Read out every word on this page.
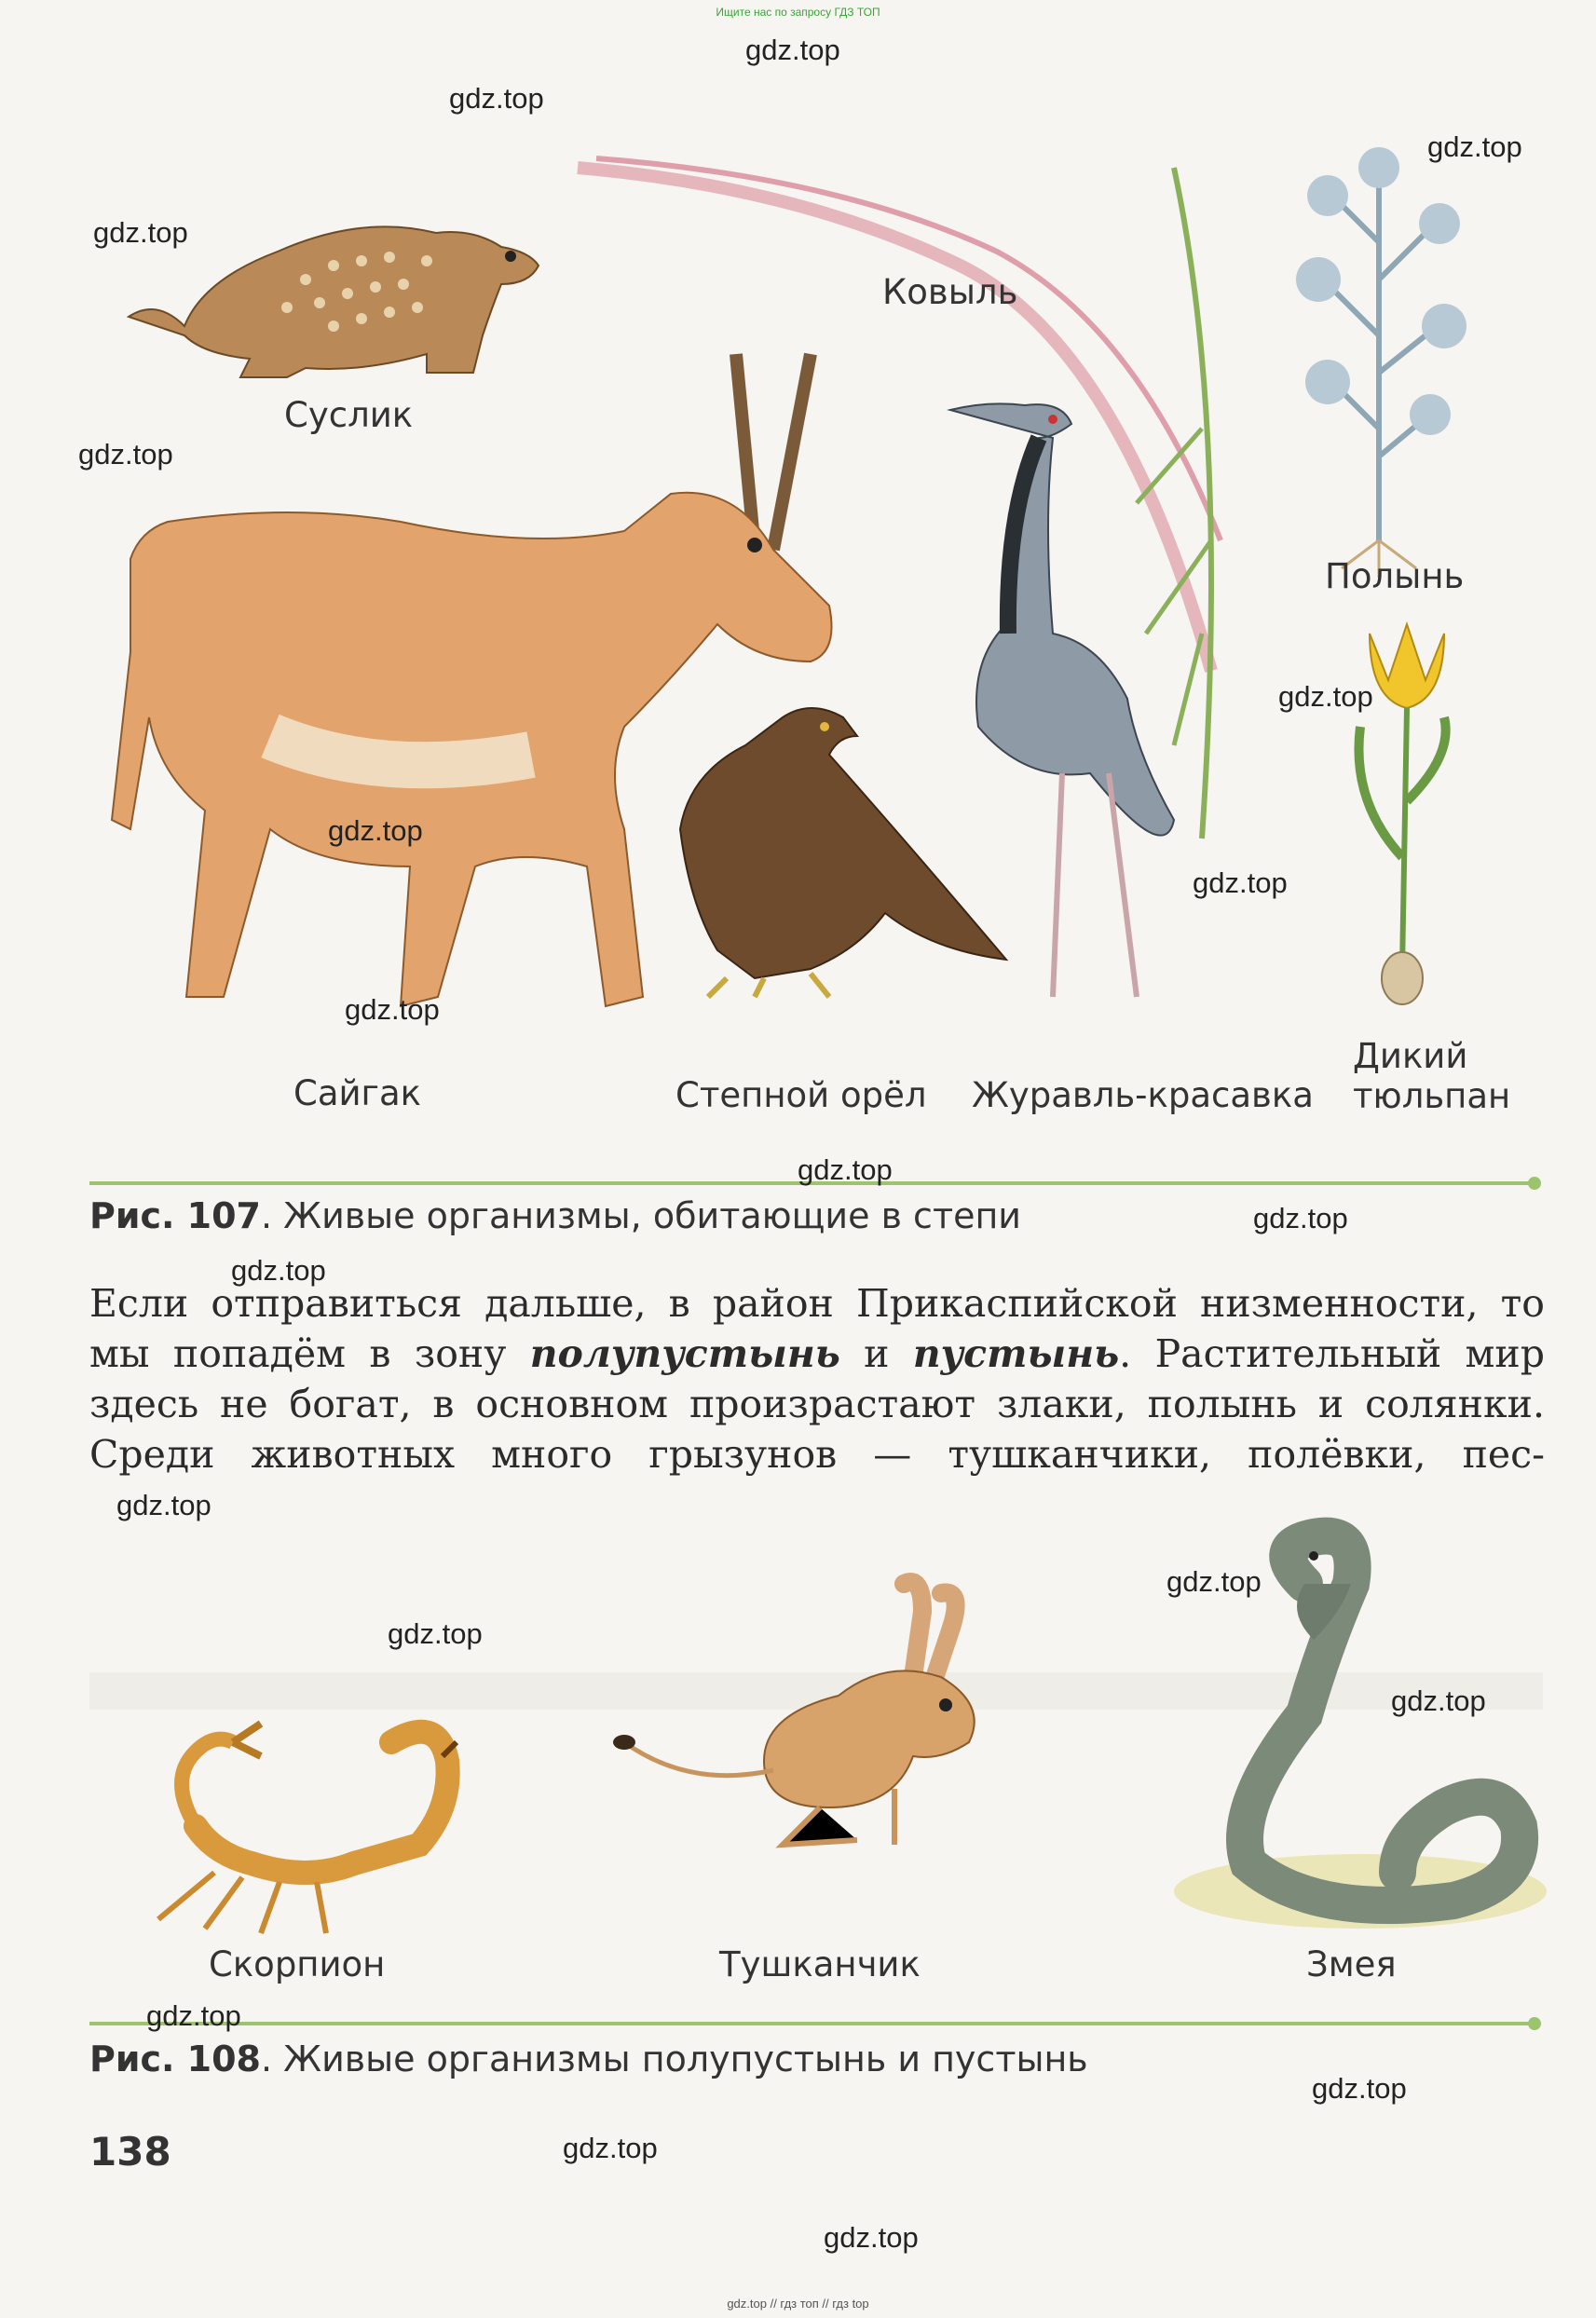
Ищите нас по запросу ГДЗ ТОП
Суслик
Ковыль
Полынь
Сайгак	Степной орёл Журавль-красавка
Дикий
тюльпан
Рис. 107. Живые организмы, обитающие в степи
Если отправиться дальше, в район Прикаспийской низменности, то мы попадём в зону полупустынь и пустынь. Растительный мир здесь не богат, в основном произрастают злаки, полынь и солянки. Среди животных много грызунов — тушканчики, полёвки, пес-
Скорпион	Тушканчик	Змея
Рис. 108. Живые организмы полупустынь и пустынь
138
gdz.top
gdz.top
gdz.top
gdz.top
gdz.top
gdz.top
gdz.top
gdz.top
gdz.top
gdz.top
gdz.top
gdz.top
gdz.top
gdz.top
gdz.top
gdz.top
gdz.top
gdz.top
gdz.top
gdz.top
gdz.top // гдз топ // гдз top
